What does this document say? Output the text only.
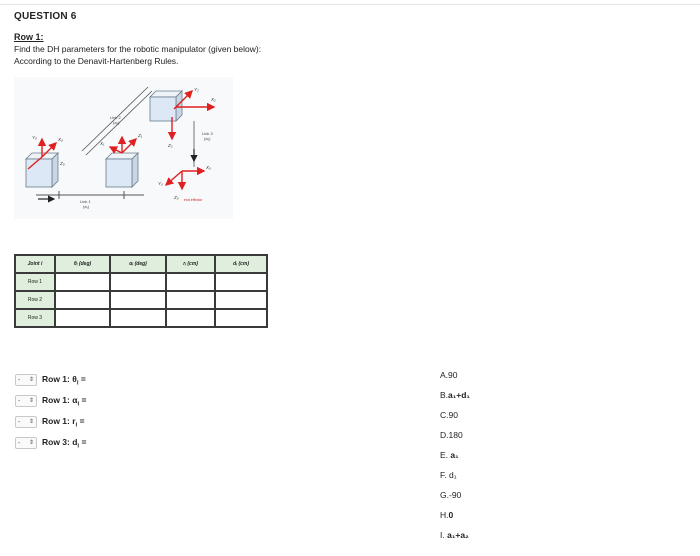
QUESTION 6
Row 1:
Find the DH parameters for the robotic manipulator (given below):
According to the Denavit-Hartenberg Rules.
Link 1
(a₁)
Link 2
(a₂)
Link 3
(a₃)
Y₀	X₀
Z₀
X₁
Z₁
Y₂
X₂
Z₂
Y₃
X₃
Z₃ end effector
Joint i	θᵢ (deg)	αᵢ (deg)	rᵢ (cm)	dᵢ (cm)
Row 1				
Row 2				
Row 3				
- ⇕ Row 1: $\theta_i$ =
- ⇕ Row 1: $\alpha_i$ =
- ⇕ Row 1: $r_i$ =
- ⇕ Row 3: $d_i$ =
A.90
B.a₁+d₁
C.90
D.180
E. a₁
F. d₁
G.-90
H.0
I. a₁+a₂
